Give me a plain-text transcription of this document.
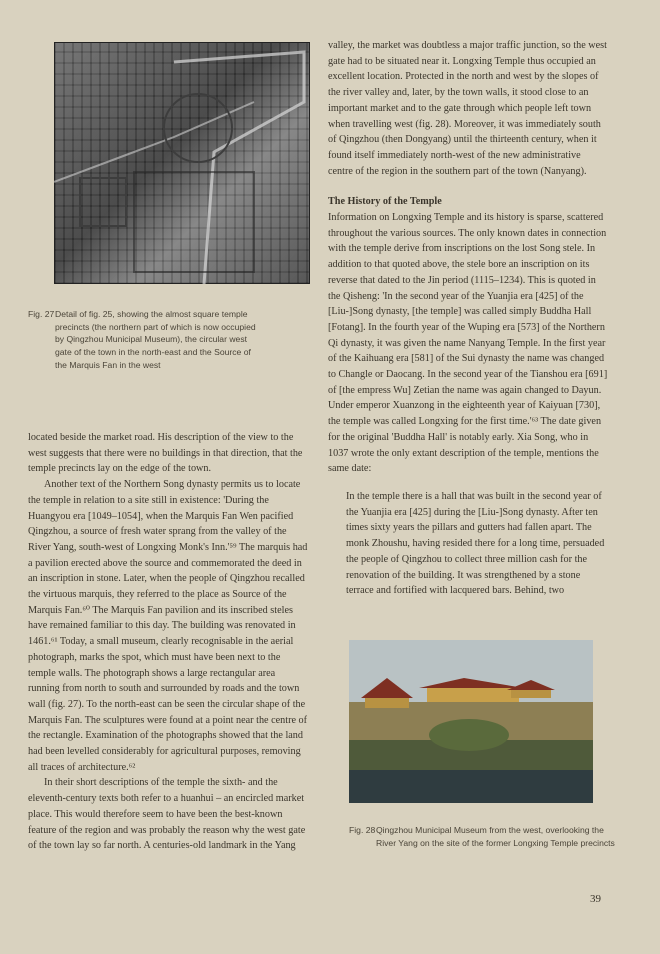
Fig. 27 Detail of fig. 25, showing the almost square temple precincts (the northern part of which is now occupied by Qingzhou Municipal Museum), the circular west gate of the town in the north-east and the Source of the Marquis Fan in the west

located beside the market road. His description of the view to the west suggests that there were no buildings in that direction, that the temple precincts lay on the edge of the town.

Another text of the Northern Song dynasty permits us to locate the temple in relation to a site still in existence: 'During the Huangyou era [1049–1054], when the Marquis Fan Wen pacified Qingzhou, a source of fresh water sprang from the valley of the River Yang, south-west of Longxing Monk's Inn.'⁵⁹ The marquis had a pavilion erected above the source and commemorated the deed in an inscription in stone. Later, when the people of Qingzhou recalled the virtuous marquis, they referred to the place as Source of the Marquis Fan.⁶⁰ The Marquis Fan pavilion and its inscribed steles have remained familiar to this day. The building was renovated in 1461.⁶¹ Today, a small museum, clearly recognisable in the aerial photograph, marks the spot, which must have been next to the temple walls. The photograph shows a large rectangular area running from north to south and surrounded by roads and the town wall (fig. 27). To the north-east can be seen the circular shape of the Marquis Fan. The sculptures were found at a point near the centre of the rectangle. Examination of the photographs showed that the land had been levelled considerably for agricultural purposes, removing all traces of architecture.⁶²

In their short descriptions of the temple the sixth- and the eleventh-century texts both refer to a huanhui – an encircled market place. This would therefore seem to have been the best-known feature of the region and was probably the reason why the west gate of the town lay so far north. A centuries-old landmark in the Yang

valley, the market was doubtless a major traffic junction, so the west gate had to be situated near it. Longxing Temple thus occupied an excellent location. Protected in the north and west by the slopes of the river valley and, later, by the town walls, it stood close to an important market and to the gate through which people left town when travelling west (fig. 28). Moreover, it was immediately south of Qingzhou (then Dongyang) until the thirteenth century, when it found itself immediately north-west of the new administrative centre of the region in the southern part of the town (Nanyang).

The History of the Temple

Information on Longxing Temple and its history is sparse, scattered throughout the various sources. The only known dates in connection with the temple derive from inscriptions on the lost Song stele. In addition to that quoted above, the stele bore an inscription on its reverse that dated to the Jin period (1115–1234). This is quoted in the Qisheng: 'In the second year of the Yuanjia era [425] of the [Liu-]Song dynasty, [the temple] was called simply Buddha Hall [Fotang]. In the fourth year of the Wuping era [573] of the Northern Qi dynasty, it was given the name Nanyang Temple. In the first year of the Kaihuang era [581] of the Sui dynasty the name was changed to Changle or Daocang. In the second year of the Tianshou era [691] of [the empress Wu] Zetian the name was again changed to Dayun. Under emperor Xuanzong in the eighteenth year of Kaiyuan [730], the temple was called Longxing for the first time.'⁶³ The date given for the original 'Buddha Hall' is notably early. Xia Song, who in 1037 wrote the only extant description of the temple, mentions the same date:

In the temple there is a hall that was built in the second year of the Yuanjia era [425] during the [Liu-]Song dynasty. After ten times sixty years the pillars and gutters had fallen apart. The monk Zhoushu, having resided there for a long time, persuaded the people of Qingzhou to collect three million cash for the renovation of the building. It was strengthened by a stone terrace and fortified with lacquered bars. Behind, two

Fig. 28 Qingzhou Municipal Museum from the west, overlooking the River Yang on the site of the former Longxing Temple precincts
39
